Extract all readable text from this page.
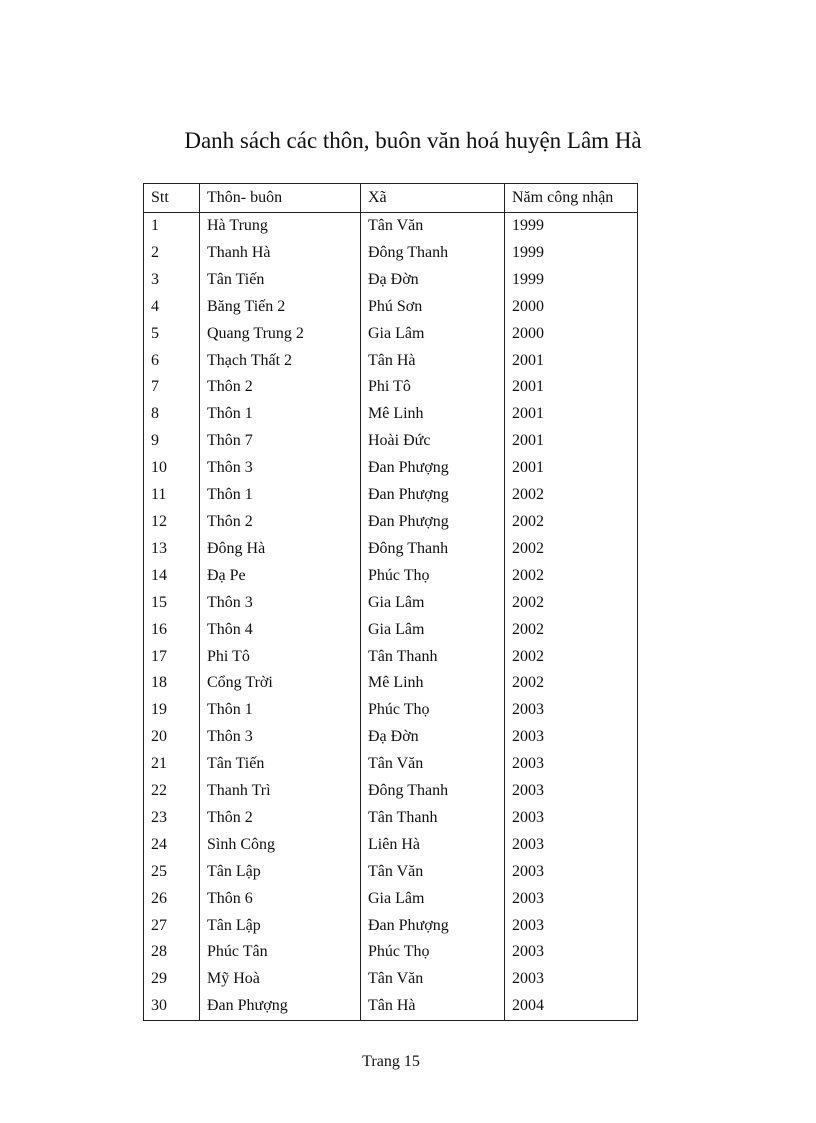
Danh sách các thôn, buôn văn hoá huyện Lâm Hà
Stt	Thôn- buôn	Xã	Năm công nhận
1	Hà Trung	Tân Văn	1999
2	Thanh Hà	Đông Thanh	1999
3	Tân Tiến	Đạ Đờn	1999
4	Băng Tiến 2	Phú Sơn	2000
5	Quang Trung 2	Gia Lâm	2000
6	Thạch Thất 2	Tân Hà	2001
7	Thôn 2	Phi Tô	2001
8	Thôn 1	Mê Linh	2001
9	Thôn 7	Hoài Đức	2001
10	Thôn 3	Đan Phượng	2001
11	Thôn 1	Đan Phượng	2002
12	Thôn 2	Đan Phượng	2002
13	Đông Hà	Đông Thanh	2002
14	Đạ Pe	Phúc Thọ	2002
15	Thôn 3	Gia Lâm	2002
16	Thôn 4	Gia Lâm	2002
17	Phi Tô	Tân Thanh	2002
18	Cổng Trời	Mê Linh	2002
19	Thôn 1	Phúc Thọ	2003
20	Thôn 3	Đạ Đờn	2003
21	Tân Tiến	Tân Văn	2003
22	Thanh Trì	Đông Thanh	2003
23	Thôn 2	Tân Thanh	2003
24	Sình Công	Liên Hà	2003
25	Tân Lập	Tân Văn	2003
26	Thôn 6	Gia Lâm	2003
27	Tân Lập	Đan Phượng	2003
28	Phúc Tân	Phúc Thọ	2003
29	Mỹ Hoà	Tân Văn	2003
30	Đan Phượng	Tân Hà	2004
Trang 15
